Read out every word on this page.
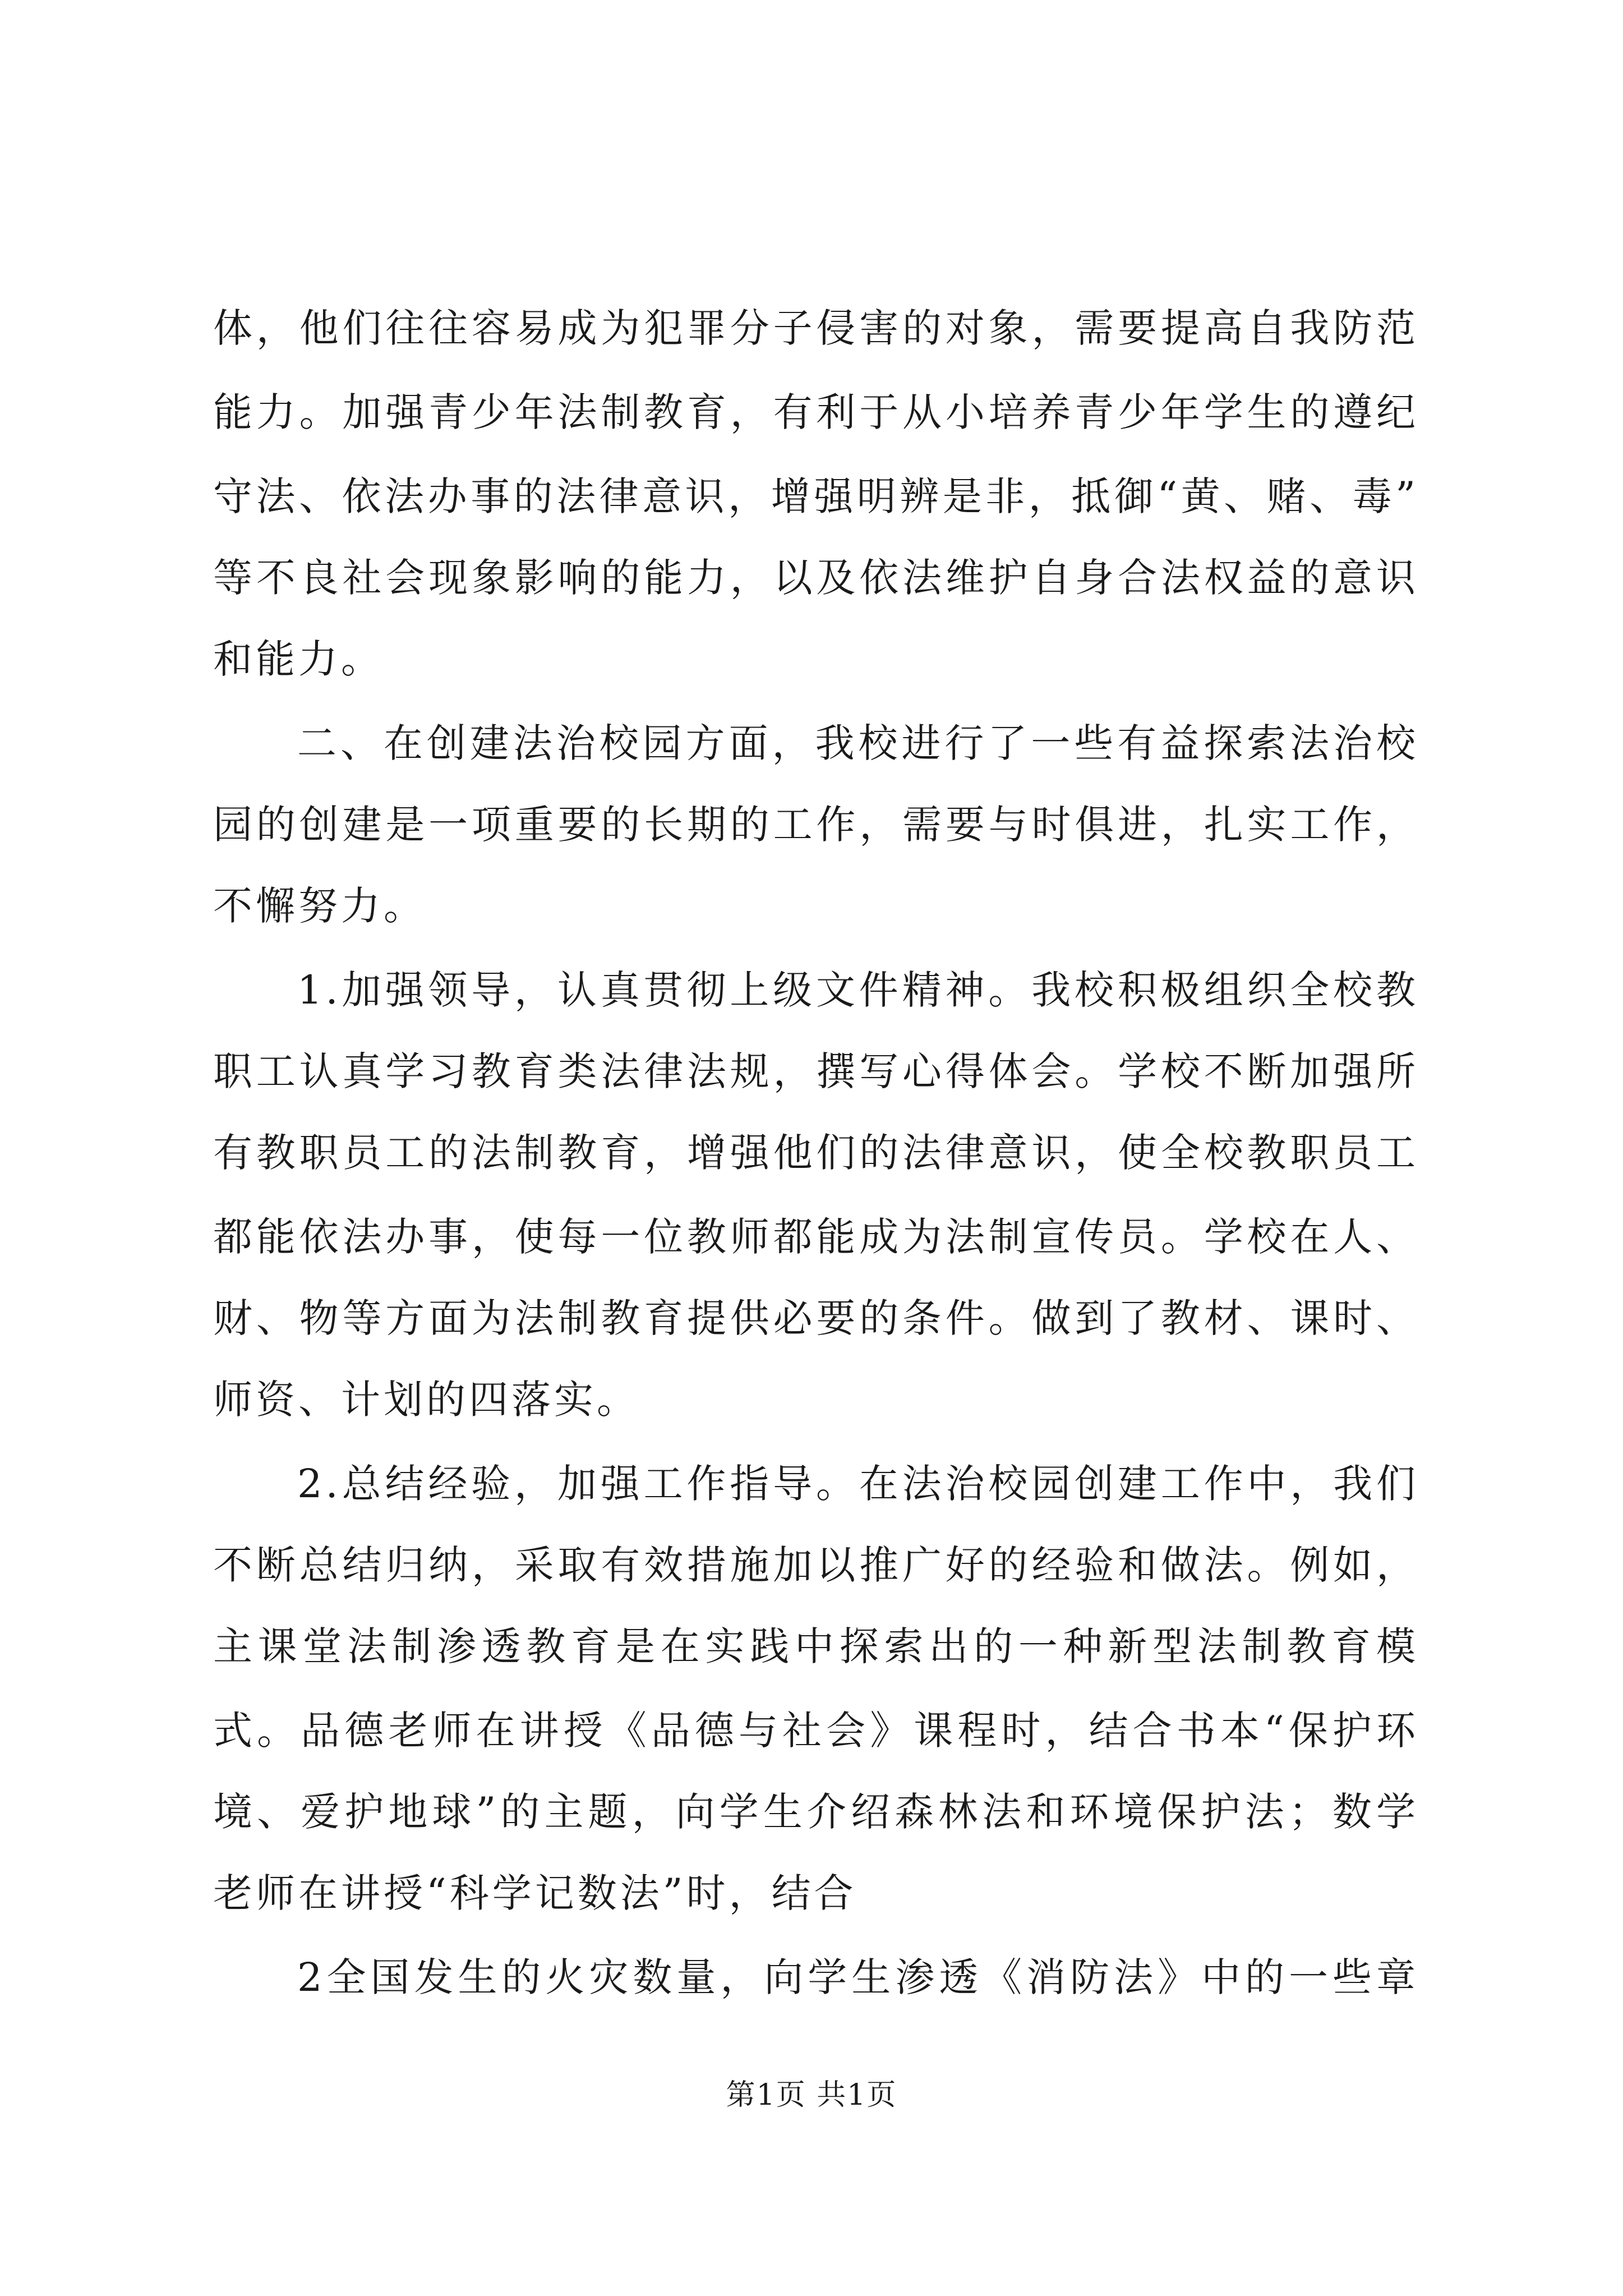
体，他们往往容易成为犯罪分子侵害的对象，需要提高自我防范
能力。加强青少年法制教育，有利于从小培养青少年学生的遵纪
守法、依法办事的法律意识，增强明辨是非，抵御“黄、赌、毒”
等不良社会现象影响的能力，以及依法维护自身合法权益的意识
和能力。
二、在创建法治校园方面，我校进行了一些有益探索法治校
园的创建是一项重要的长期的工作，需要与时俱进，扎实工作，
不懈努力。
1.加强领导，认真贯彻上级文件精神。我校积极组织全校教
职工认真学习教育类法律法规，撰写心得体会。学校不断加强所
有教职员工的法制教育，增强他们的法律意识，使全校教职员工
都能依法办事，使每一位教师都能成为法制宣传员。学校在人、
财、物等方面为法制教育提供必要的条件。做到了教材、课时、
师资、计划的四落实。
2.总结经验，加强工作指导。在法治校园创建工作中，我们
不断总结归纳，采取有效措施加以推广好的经验和做法。例如，
主课堂法制渗透教育是在实践中探索出的一种新型法制教育模
式。品德老师在讲授《品德与社会》课程时，结合书本“保护环
境、爱护地球”的主题，向学生介绍森林法和环境保护法；数学
老师在讲授“科学记数法”时，结合
2全国发生的火灾数量，向学生渗透《消防法》中的一些章
第1页 共1页
